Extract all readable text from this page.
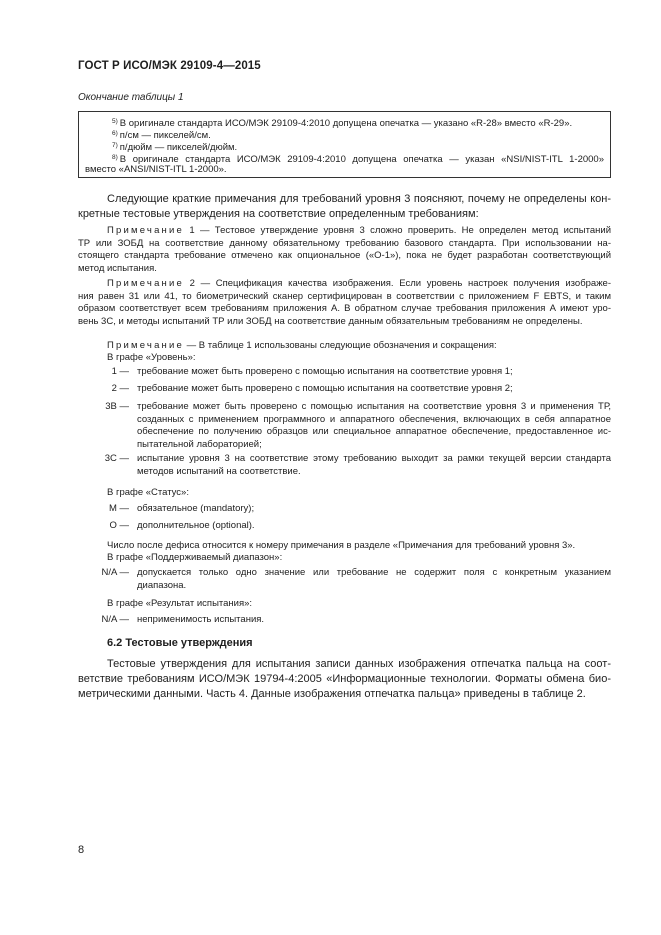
ГОСТ Р ИСО/МЭК 29109-4—2015
Окончание таблицы 1
$^{5)}$ В оригинале стандарта ИСО/МЭК 29109-4:2010 допущена опечатка — указано «R-28» вместо «R-29».
$^{6)}$ п/см — пикселей/см.
$^{7)}$ п/дюйм — пикселей/дюйм.
$^{8)}$ В оригинале стандарта ИСО/МЭК 29109-4:2010 допущена опечатка — указан «NSI/NIST-ITL 1-2000»
вместо «ANSI/NIST-ITL 1-2000».
Следующие краткие примечания для требований уровня 3 поясняют, почему не определены кон-
кретные тестовые утверждения на соответствие определенным требованиям:
Примечание 1 — Тестовое утверждение уровня 3 сложно проверить. Не определен метод испытаний
ТР или ЗОБД на соответствие данному обязательному требованию базового стандарта. При использовании на-
стоящего стандарта требование отмечено как опциональное («O-1»), пока не будет разработан соответствующий
метод испытания.
Примечание 2 — Спецификация качества изображения. Если уровень настроек получения изображе-
ния равен 31 или 41, то биометрический сканер сертифицирован в соответствии с приложением F EBTS, и таким
образом соответствует всем требованиям приложения А. В обратном случае требования приложения А имеют уро-
вень 3С, и методы испытаний ТР или ЗОБД на соответствие данным обязательным требованиям не определены.
Примечание — В таблице 1 использованы следующие обозначения и сокращения:
В графе «Уровень»:
1 — требование может быть проверено с помощью испытания на соответствие уровня 1;
2 — требование может быть проверено с помощью испытания на соответствие уровня 2;
3В — требование может быть проверено с помощью испытания на соответствие уровня 3 и применения ТР,
созданных с применением программного и аппаратного обеспечения, включающих в себя аппаратное
обеспечение по получению образцов или специальное аппаратное обеспечение, предоставленное ис-
пытательной лабораторией;
3С — испытание уровня 3 на соответствие этому требованию выходит за рамки текущей версии стандарта
методов испытаний на соответствие.
В графе «Статус»:
М — обязательное (mandatory);
О — дополнительное (optional).
Число после дефиса относится к номеру примечания в разделе «Примечания для требований уровня 3».
В графе «Поддерживаемый диапазон»:
N/A — допускается только одно значение или требование не содержит поля с конкретным указанием
диапазона.
В графе «Результат испытания»:
N/A — неприменимость испытания.
6.2 Тестовые утверждения
Тестовые утверждения для испытания записи данных изображения отпечатка пальца на соот-
ветствие требованиям ИСО/МЭК 19794-4:2005 «Информационные технологии. Форматы обмена био-
метрическими данными. Часть 4. Данные изображения отпечатка пальца» приведены в таблице 2.
8
